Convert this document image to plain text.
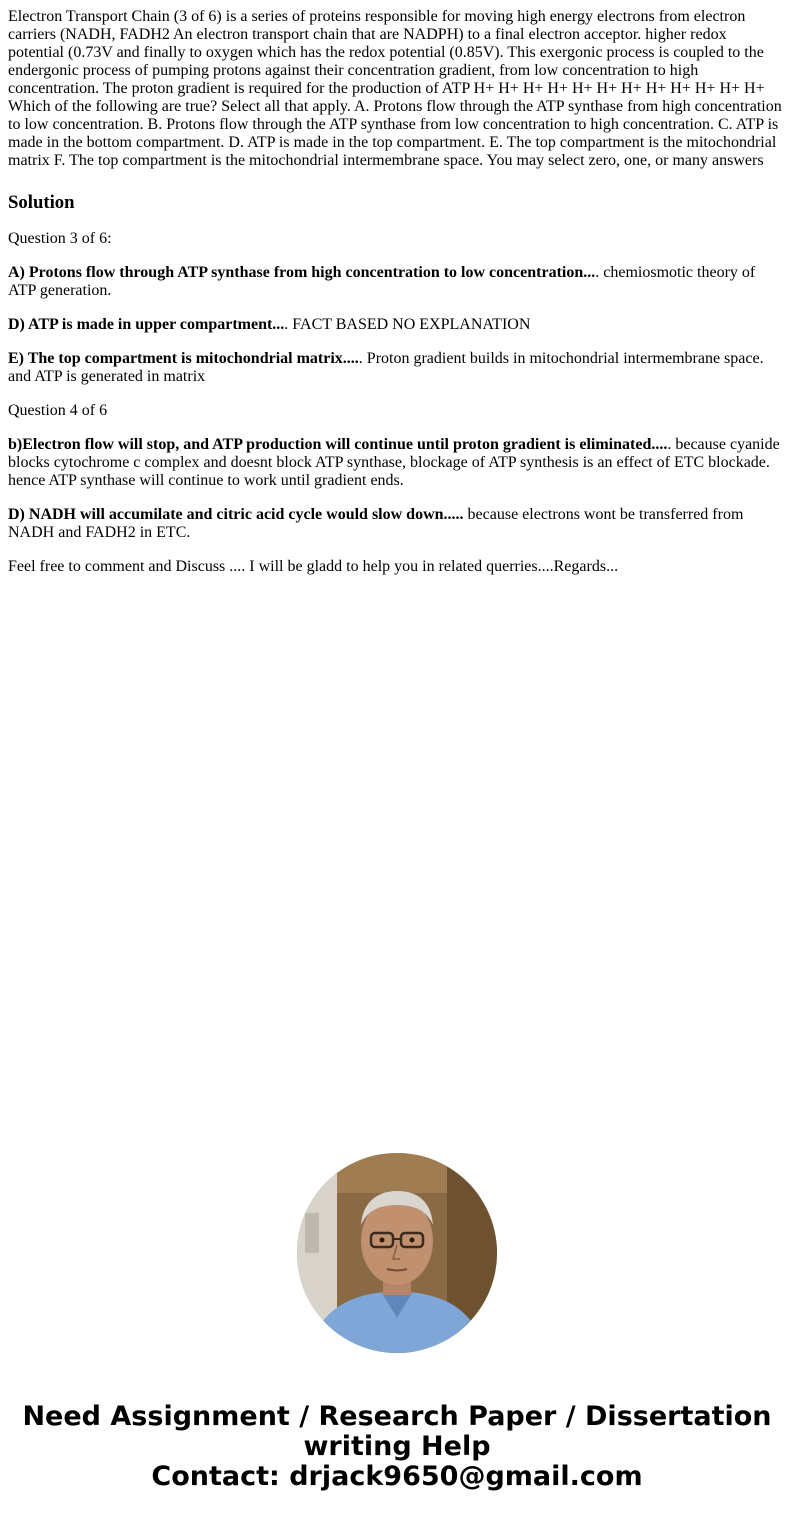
Electron Transport Chain (3 of 6) is a series of proteins responsible for moving high energy electrons from electron carriers (NADH, FADH2 An electron transport chain that are NADPH) to a final electron acceptor. higher redox potential (0.73V and finally to oxygen which has the redox potential (0.85V). This exergonic process is coupled to the endergonic process of pumping protons against their concentration gradient, from low concentration to high concentration. The proton gradient is required for the production of ATP H+ H+ H+ H+ H+ H+ H+ H+ H+ H+ H+ H+ Which of the following are true? Select all that apply. A. Protons flow through the ATP synthase from high concentration to low concentration. B. Protons flow through the ATP synthase from low concentration to high concentration. C. ATP is made in the bottom compartment. D. ATP is made in the top compartment. E. The top compartment is the mitochondrial matrix F. The top compartment is the mitochondrial intermembrane space. You may select zero, one, or many answers
Solution

Question 3 of 6:

A) Protons flow through ATP synthase from high concentration to low concentration.... chemiosmotic theory of ATP generation.

D) ATP is made in upper compartment.... FACT BASED NO EXPLANATION

E) The top compartment is mitochondrial matrix..... Proton gradient builds in mitochondrial intermembrane space. and ATP is generated in matrix

Question 4 of 6

b)Electron flow will stop, and ATP production will continue until proton gradient is eliminated..... because cyanide blocks cytochrome c complex and doesnt block ATP synthase, blockage of ATP synthesis is an effect of ETC blockade. hence ATP synthase will continue to work until gradient ends.

D) NADH will accumilate and citric acid cycle would slow down..... because electrons wont be transferred from NADH and FADH2 in ETC.

Feel free to comment and Discuss .... I will be gladd to help you in related querries....Regards...

Need Assignment / Research Paper / Dissertation
writing Help
Contact: drjack9650@gmail.com
